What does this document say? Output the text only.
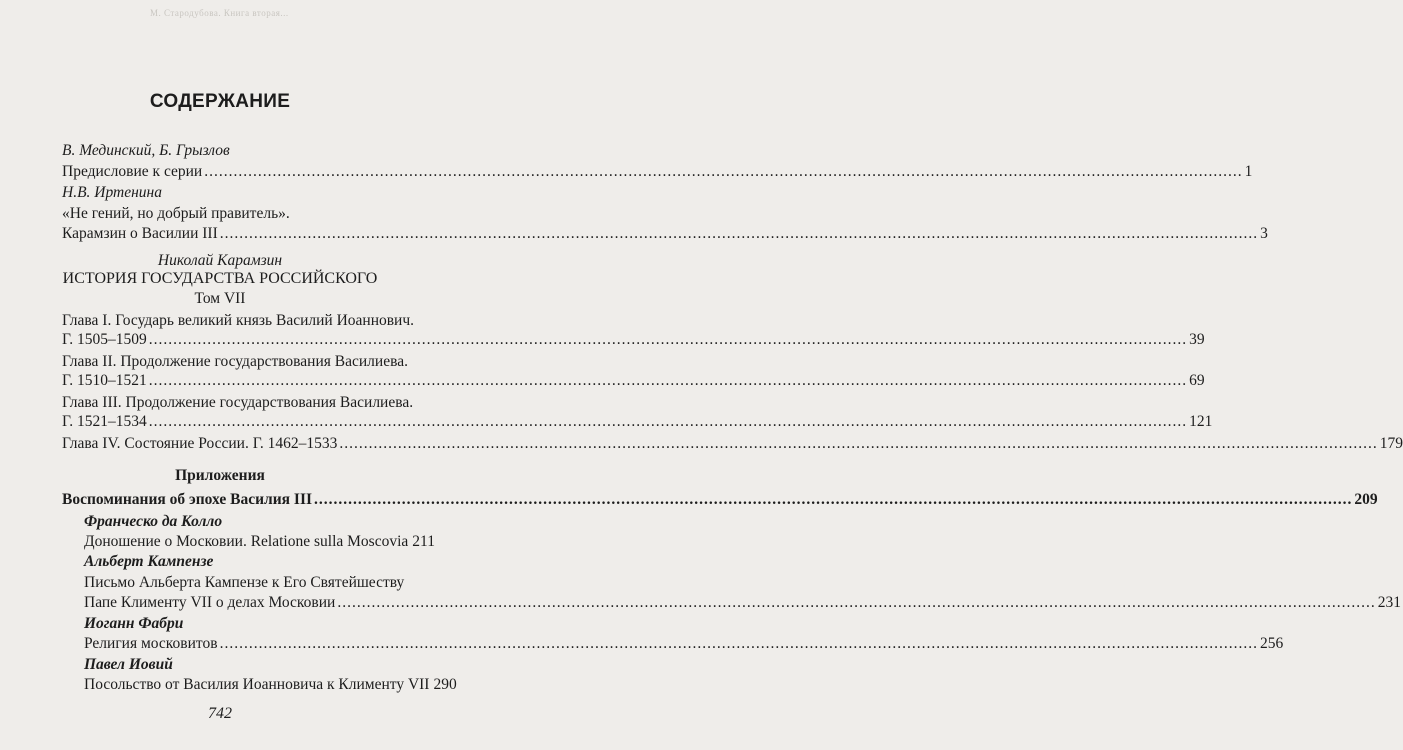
М. Стародубова. Книга вторая...
СОДЕРЖАНИЕ
В. Мединский, Б. Грызлов
Предисловие к серии .....	1
Н.В. Иртенина
«Не гений, но добрый правитель».
Карамзин о Василии III .....	3
Николай Карамзин
ИСТОРИЯ ГОСУДАРСТВА РОССИЙСКОГО
Том VII
Глава I. Государь великий князь Василий Иоаннович.
Г. 1505–1509 .....	39
Глава II. Продолжение государствования Василиева.
Г. 1510–1521 .....	69
Глава III. Продолжение государствования Василиева.
Г. 1521–1534 .....	121
Глава IV. Состояние России. Г. 1462–1533 .....	179
Приложения
Воспоминания об эпохе Василия III .....	209
Франческо да Колло
Доношение о Московии. Relatione sulla Moscovia 211
Альберт Кампензе
Письмо Альберта Кампензе к Его Святейшеству
Папе Клименту VII о делах Московии .....	231
Иоганн Фабри
Религия московитов .....	256
Павел Иовий
Посольство от Василия Иоанновича к Клименту VII 290
742
